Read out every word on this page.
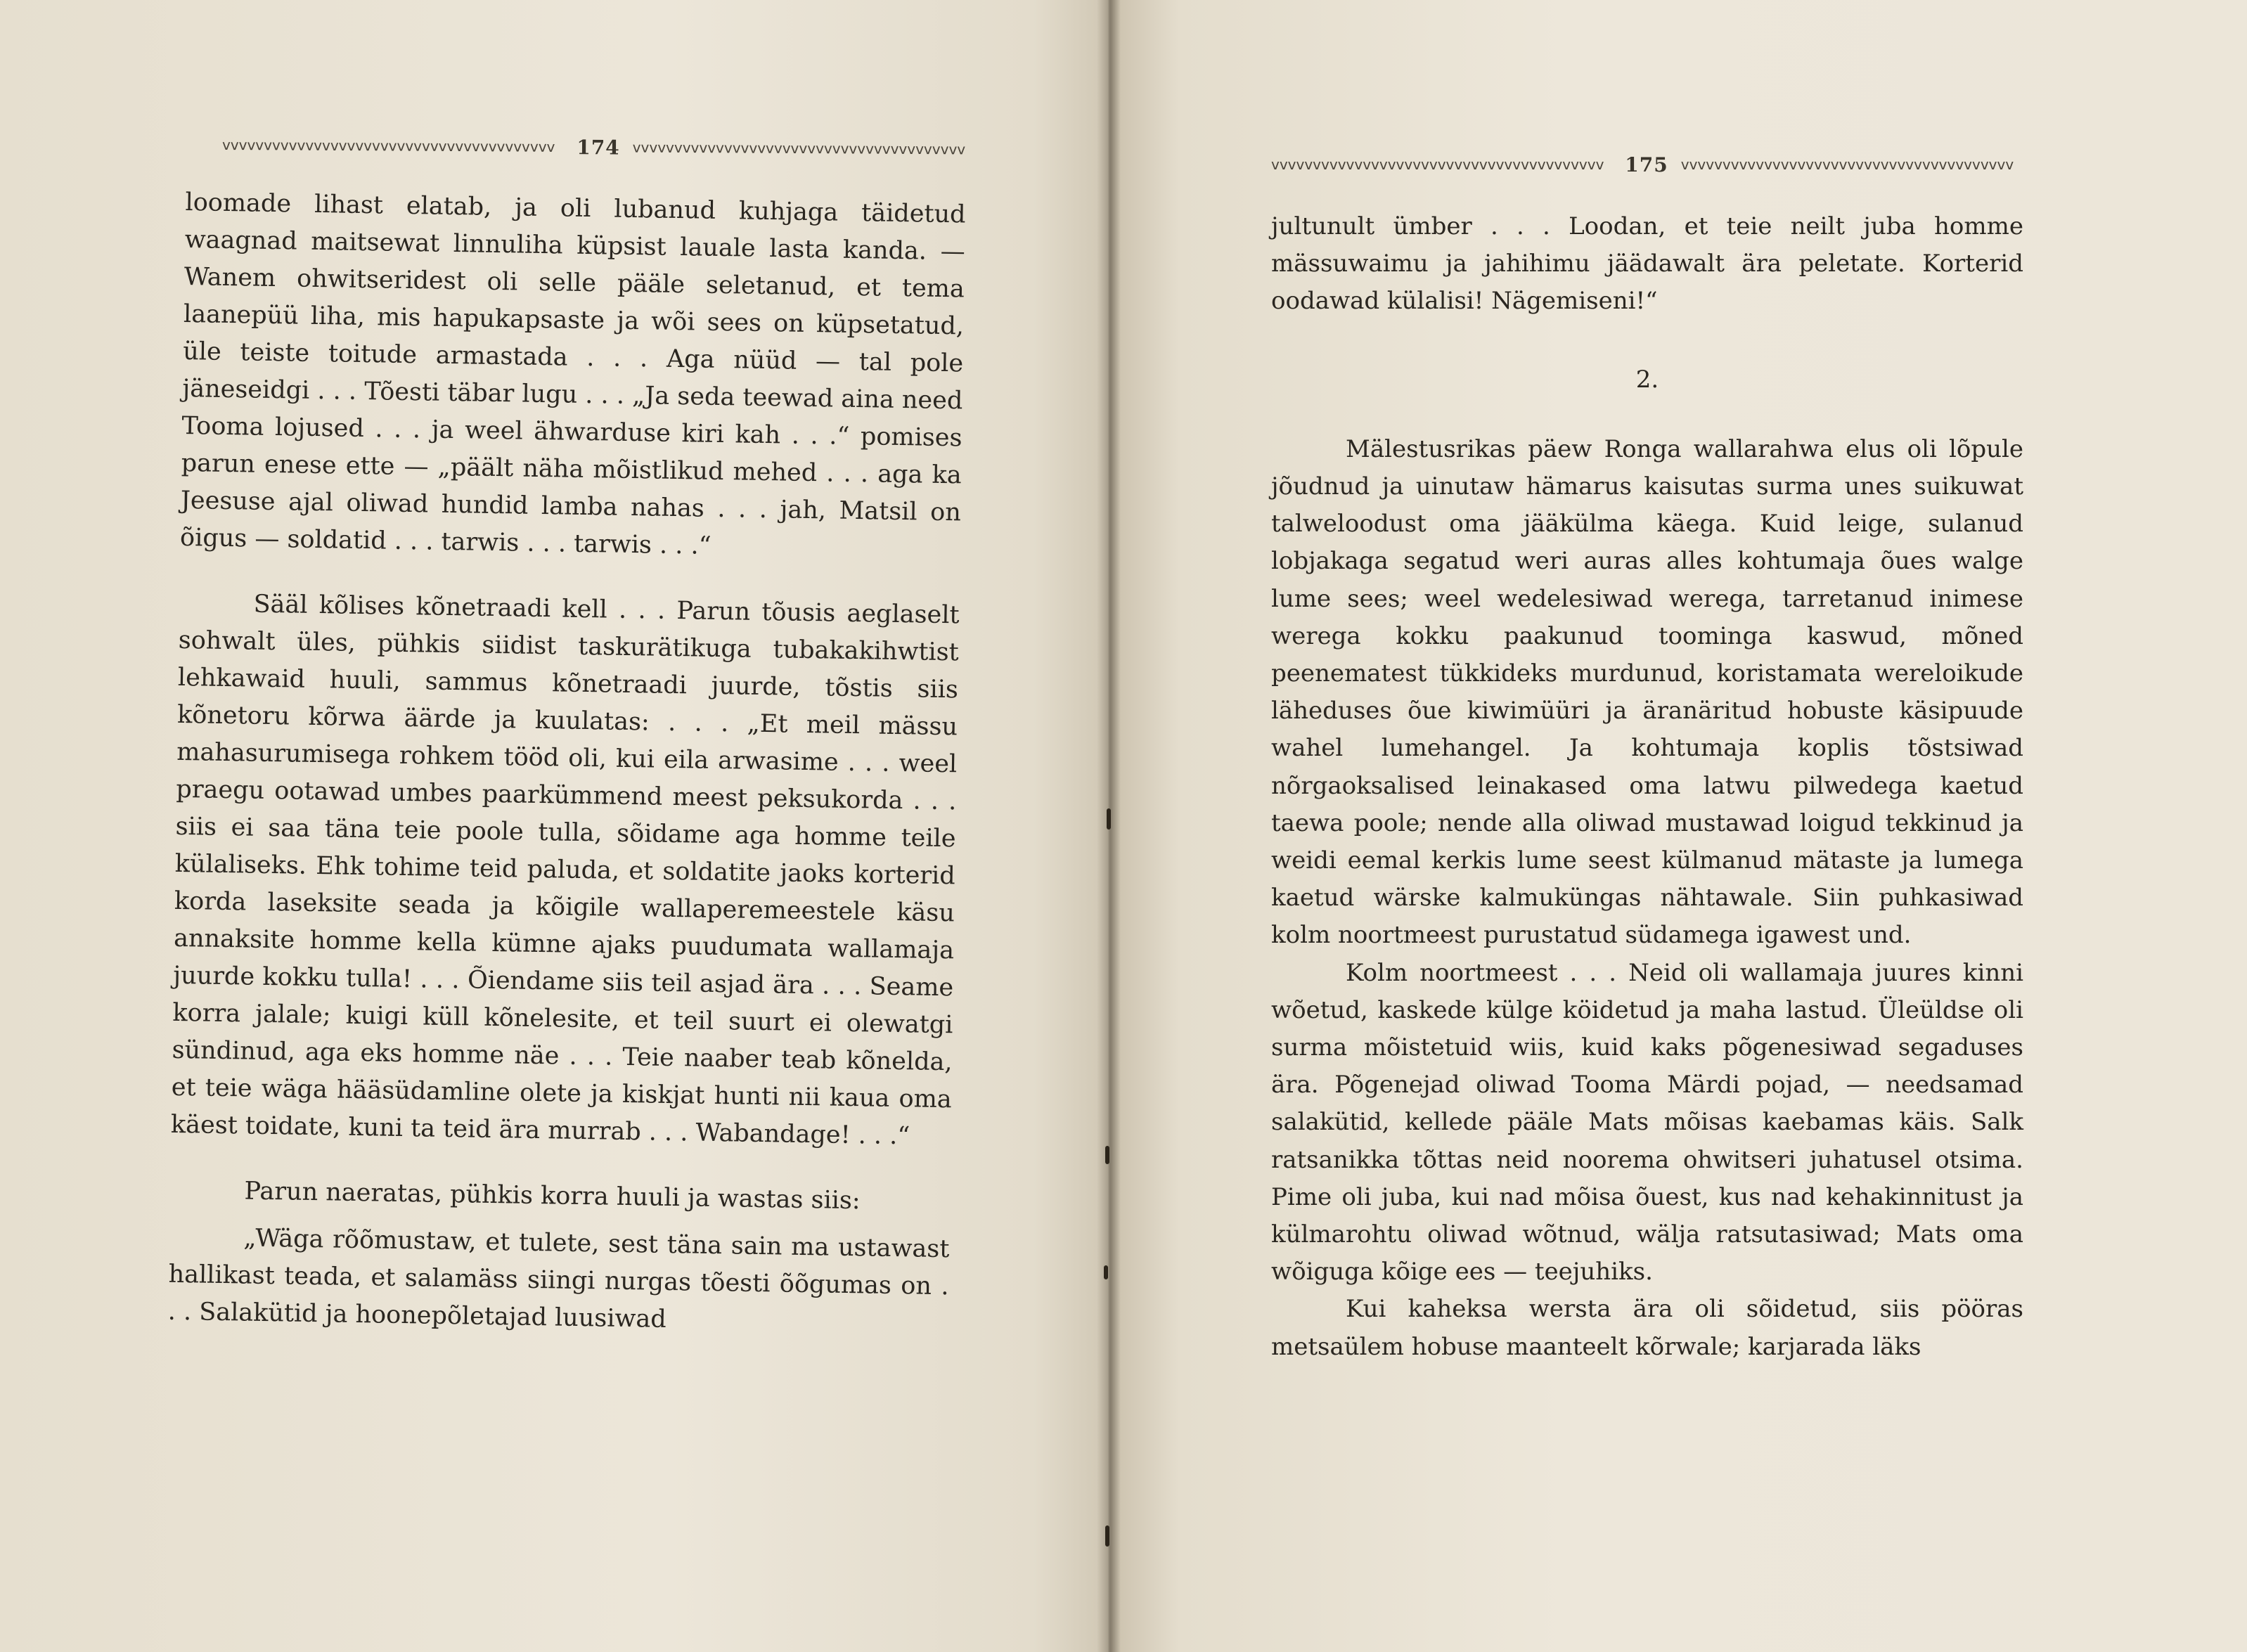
vvvvvvvvvvvvvvvvvvvvvvvvvvvvvvvvvvvvvvvv	174 vvvvvvvvvvvvvvvvvvvvvvvvvvvvvvvvvvvvvvvv

loomade lihast elatab, ja oli lubanud kuhjaga täidetud waagnad maitsewat linnuliha küpsist lauale lasta kanda. — Wanem ohwitseridest oli selle pääle seletanud, et tema laanepüü liha, mis hapukapsaste ja wõi sees on küpsetatud, üle teiste toitude armastada . . . Aga nüüd — tal pole jäneseidgi . . . Tõesti täbar lugu . . . „Ja seda teewad aina need Tooma lojused . . . ja weel ähwarduse kiri kah . . .“ pomises parun enese ette — „päält näha mõistlikud mehed . . . aga ka Jeesuse ajal oliwad hundid lamba nahas . . . jah, Matsil on õigus — soldatid . . . tarwis . . . tarwis . . .“

Sääl kõlises kõnetraadi kell . . . Parun tõusis aeglaselt sohwalt üles, pühkis siidist taskurätikuga tubakakihwtist lehkawaid huuli, sammus kõnetraadi juurde, tõstis siis kõnetoru kõrwa äärde ja kuulatas: . . . „Et meil mässu mahasurumisega rohkem tööd oli, kui eila arwasime . . . weel praegu ootawad umbes paarkümmend meest peksukorda . . . siis ei saa täna teie poole tulla, sõidame aga homme teile külaliseks. Ehk tohime teid paluda, et soldatite jaoks korterid korda laseksite seada ja kõigile wallaperemeestele käsu annaksite homme kella kümne ajaks puudumata wallamaja juurde kokku tulla! . . . Õiendame siis teil asjad ära . . . Seame korra jalale; kuigi küll kõnelesite, et teil suurt ei olewatgi sündinud, aga eks homme näe . . . Teie naaber teab kõnelda, et teie wäga hääsüdamline olete ja kiskjat hunti nii kaua oma käest toidate, kuni ta teid ära murrab . . . Wabandage! . . .“

Parun naeratas, pühkis korra huuli ja wastas siis:

„Wäga rõõmustaw, et tulete, sest täna sain ma ustawast hallikast teada, et salamäss siingi nurgas tõesti õõgumas on . . . Salakütid ja hoonepõletajad luusiwad

vvvvvvvvvvvvvvvvvvvvvvvvvvvvvvvvvvvvvvvv	175 vvvvvvvvvvvvvvvvvvvvvvvvvvvvvvvvvvvvvvvv

jultunult ümber . . . Loodan, et teie neilt juba homme mässuwaimu ja jahihimu jäädawalt ära peletate. Korterid oodawad külalisi! Nägemiseni!“

2.

Mälestusrikas päew Ronga wallarahwa elus oli lõpule jõudnud ja uinutaw hämarus kaisutas surma unes suikuwat talweloodust oma jääkülma käega. Kuid leige, sulanud lobjakaga segatud weri auras alles kohtumaja õues walge lume sees; weel wedelesiwad werega, tarretanud inimese werega kokku paakunud toominga kaswud, mõned peenematest tükkideks murdunud, koristamata wereloikude läheduses õue kiwimüüri ja äranäritud hobuste käsipuude wahel lumehangel. Ja kohtumaja koplis tõstsiwad nõrgaoksalised leinakased oma latwu pilwedega kaetud taewa poole; nende alla oliwad mustawad loigud tekkinud ja weidi eemal kerkis lume seest külmanud mätaste ja lumega kaetud wärske kalmuküngas nähtawale. Siin puhkasiwad kolm noortmeest purustatud südamega igawest und.

Kolm noortmeest . . . Neid oli wallamaja juures kinni wõetud, kaskede külge köidetud ja maha lastud. Üleüldse oli surma mõistetuid wiis, kuid kaks põgenesiwad segaduses ära. Põgenejad oliwad Tooma Märdi pojad, — needsamad salakütid, kellede pääle Mats mõisas kaebamas käis. Salk ratsanikka tõttas neid noorema ohwitseri juhatusel otsima. Pime oli juba, kui nad mõisa õuest, kus nad kehakinnitust ja külmarohtu oliwad wõtnud, wälja ratsutasiwad; Mats oma wõiguga kõige ees — teejuhiks.

Kui kaheksa wersta ära oli sõidetud, siis pööras metsaülem hobuse maanteelt kõrwale; karjarada läks
